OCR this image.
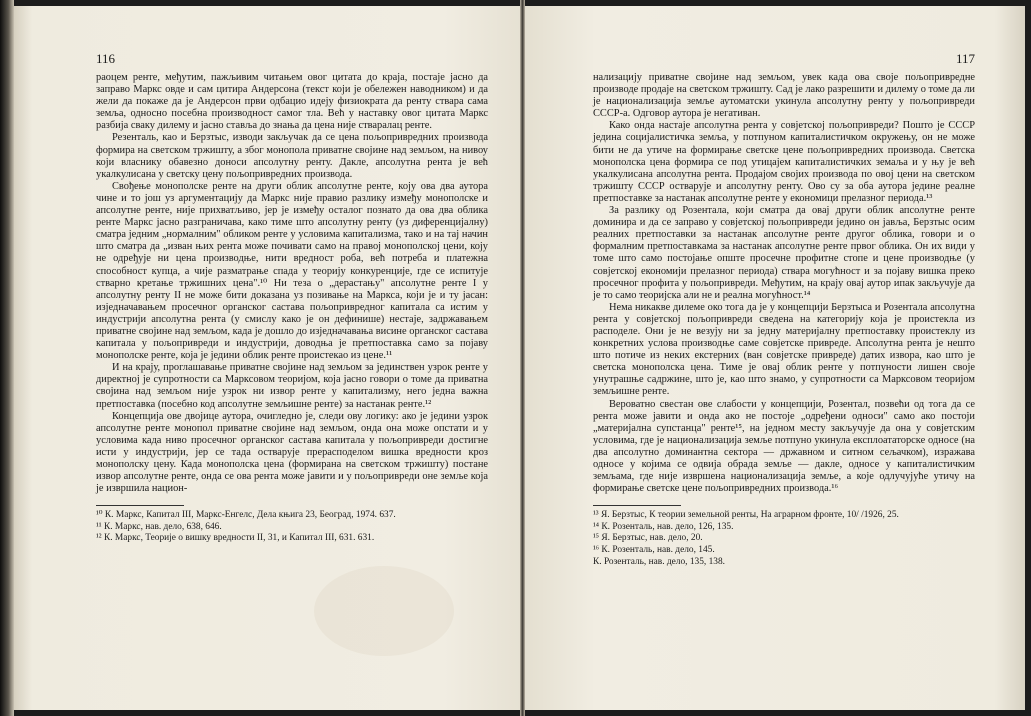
116

раоцем ренте, међутим, пажљивим читањем овог цитата до краја, постаје јасно да заправо Маркс овде и сам цитира Андерсона (текст који је обележен наводником) и да жели да покаже да је Андерсон први одбацио идеју физиократа да ренту ствара сама земља, односно посебна производност самог тла. Већ у наставку овог цитата Маркс разбија сваку дилему и јасно ставља до знања да цена није стваралац ренте.

Резенталь, као и Берзтыс, изводи закључак да се цена пољопривредних производа формира на светском тржишту, а због монопола приватне својине над земљом, на нивоу који власнику обавезно доноси апсолутну ренту. Дакле, апсолутна рента је већ укалкулисана у светску цену пољопривредних производа.

Свођење монополске ренте на други облик апсолутне ренте, коју ова два аутора чине и то још уз аргументацију да Маркс није правио разлику између монополске и апсолутне ренте, није прихватљиво, јер је између осталог познато да ова два облика ренте Маркс јасно разграничава, како тиме што апсолутну ренту (уз диференцијалну) сматра једним „нормалним" обликом ренте у условима капитализма, тако и на тај начин што сматра да „изван њих рента може почивати само на правој монополској цени, коју не одређује ни цена производње, нити вредност роба, већ потреба и платежна способност купца, а чије разматрање спада у теорију конкуренције, где се испитује стварно кретање тржишних цена".¹⁰ Ни теза о „дерастању" апсолутне ренте I у апсолутну ренту II не може бити доказана уз позивање на Маркса, који је и ту јасан: изједначавањем просечног органског састава пољопривредног капитала са истим у индустрији апсолутна рента (у смислу како је он дефинише) нестаје, задржавањем приватне својине над земљом, када је дошло до изједначавања висине органског састава капитала у пољопривреди и индустрији, доводња је претпоставка само за појаву монополске ренте, која је једини облик ренте проистекао из цене.¹¹

И на крају, проглашавање приватне својине над земљом за јединствен узрок ренте у директној је супротности са Марксовом теоријом, која јасно говори о томе да приватна својина над земљом није узрок ни извор ренте у капитализму, него једна важна претпоставка (посебно код апсолутне земљишне ренте) за настанак ренте.¹²

Концепција ове двојице аутора, очигледно је, следи ову логику: ако је једини узрок апсолутне ренте монопол приватне својине над земљом, онда она може опстати и у условима када ниво просечног органског састава капитала у пољопривреди достигне исти у индустрији, јер се тада остварује прерасподелом вишка вредности кроз монополску цену. Када монополска цена (формирана на светском тржишту) постане извор апсолутне ренте, онда се ова рента може јавити и у пољопривреди оне земље која је извршила национ-

¹⁰ К. Маркс, Капитал III, Маркс-Енгелс, Дела књига 23, Београд, 1974. 637.
¹¹ К. Маркс, нав. дело, 638, 646.
¹² К. Маркс, Теорије о вишку вредности II, 31, и Капитал III, 631. 631.
117

нализацију приватне својине над земљом, увек када ова своје пољопривредне производе продаје на светском тржишту. Сад је лако разрешити и дилему о томе да ли је национализација земље аутоматски укинула апсолутну ренту у пољопривреди СССР-а. Одговор аутора је негативан.

Како онда настаје апсолутна рента у совјетској пољопривреди? Пошто је СССР једина социјалистичка земља, у потпуном капиталистичком окружењу, он не може бити не да утиче на формирање светске цене пољопривредних производа. Светска монополска цена формира се под утицајем капиталистичких земаља и у њу је већ укалкулисана апсолутна рента. Продајом својих производа по овој цени на светском тржишту СССР остварује и апсолутну ренту. Ово су за оба аутора једине реалне претпоставке за настанак апсолутне ренте у економици прелазног периода.¹³

За разлику од Розентала, који сматра да овај други облик апсолутне ренте доминира и да се заправо у совјетској пољопривреди једино он јавља, Берзтыс осим реалних претпоставки за настанак апсолутне ренте другог облика, говори и о формалним претпоставкама за настанак апсолутне ренте првог облика. Он их види у томе што само постојање опште просечне профитне стопе и цене производње (у совјетској економији прелазног периода) ствара могућност и за појаву вишка преко просечног профита у пољопривреди. Међутим, на крају овај аутор ипак закључује да је то само теоријска али не и реална могућност.¹⁴

Нема никакве дилеме око тога да је у концепцији Берзтыса и Розентала апсолутна рента у совјетској пољопривреди сведена на категорију која је проистекла из расподеле. Они је не везују ни за једну материјалну претпоставку проистеклу из конкретних услова производње саме совјетске привреде. Апсолутна рента је нешто што потиче из неких екстерних (ван совјетске привреде) датих извора, као што је светска монополска цена. Тиме је овај облик ренте у потпуности лишен своје унутрашње садржине, што је, као што знамо, у супротности са Марксовом теоријом земљишне ренте.

Вероватно свестан ове слабости у концепцији, Розентал, позвећи од тога да се рента може јавити и онда ако не постоје „одређени односи" само ако постоји „материјална супстанца" ренте¹⁵, на једном месту закључује да она у совјетским условима, где је национализација земље потпуно укинула експлоататорске односе (на два апсолутно доминантна сектора — државном и ситном сељачком), изражава односе у којима се одвија обрада земље — дакле, односе у капиталистичким земљама, где није извршена национализација земље, а које одлучујуће утичу на формирање светске цене пољопривредних производа.¹⁶

¹³ Я. Берзтыс, К теории земельной ренты, На аграрном фронте, 10/ /1926, 25.
¹⁴ К. Розенталь, нав. дело, 126, 135.
¹⁵ Я. Берзтыс, нав. дело, 20.
¹⁶ К. Розенталь, нав. дело, 145.
К. Розенталь, нав. дело, 135, 138.
